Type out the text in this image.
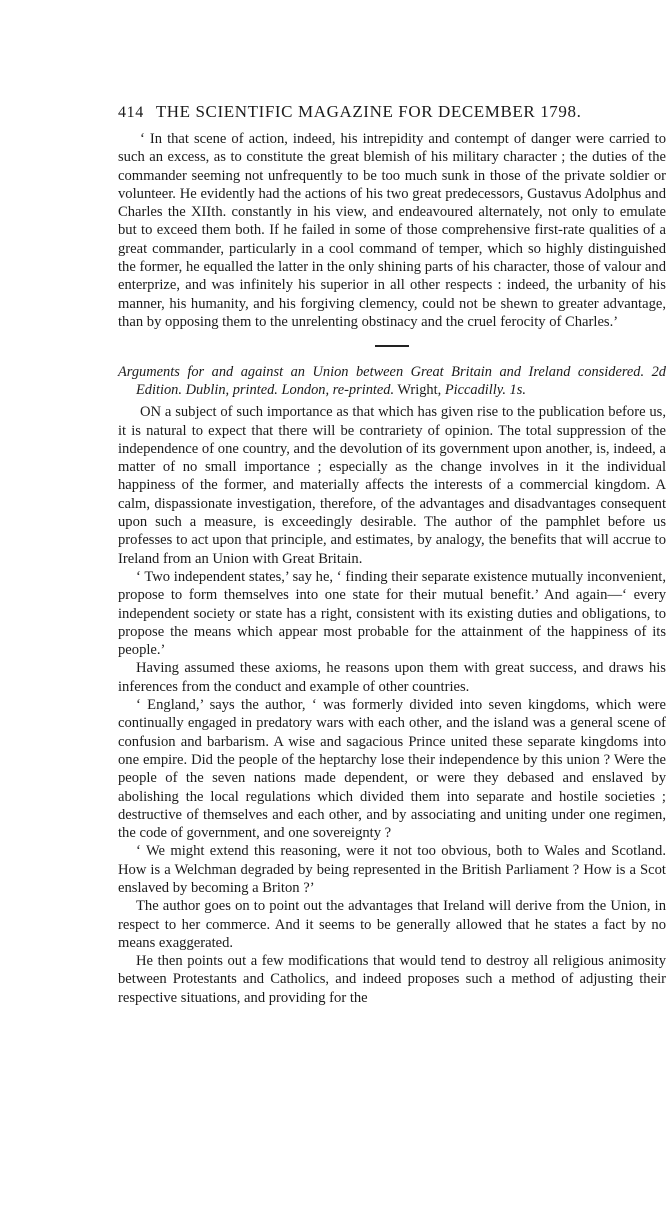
414 THE SCIENTIFIC MAGAZINE FOR DECEMBER 1798.

‘ In that scene of action, indeed, his intrepidity and contempt of danger were carried to such an excess, as to constitute the great blemish of his military character ; the duties of the commander seeming not unfrequently to be too much sunk in those of the private soldier or volunteer. He evidently had the actions of his two great predecessors, Gustavus Adolphus and Charles the XIIth. constantly in his view, and endeavoured alternately, not only to emulate but to exceed them both. If he failed in some of those comprehensive first-rate qualities of a great commander, particularly in a cool command of temper, which so highly distinguished the former, he equalled the latter in the only shining parts of his character, those of valour and enterprize, and was infinitely his superior in all other respects : indeed, the urbanity of his manner, his humanity, and his forgiving clemency, could not be shewn to greater advantage, than by opposing them to the unrelenting obstinacy and the cruel ferocity of Charles.’

Arguments for and against an Union between Great Britain and Ireland considered. 2d Edition. Dublin, printed. London, re-printed. Wright, Piccadilly. 1s.

ON a subject of such importance as that which has given rise to the publication before us, it is natural to expect that there will be contrariety of opinion. The total suppression of the independence of one country, and the devolution of its government upon another, is, indeed, a matter of no small importance ; especially as the change involves in it the individual happiness of the former, and materially affects the interests of a commercial kingdom. A calm, dispassionate investigation, therefore, of the advantages and disadvantages consequent upon such a measure, is exceedingly desirable. The author of the pamphlet before us professes to act upon that principle, and estimates, by analogy, the benefits that will accrue to Ireland from an Union with Great Britain.

‘ Two independent states,’ say he, ‘ finding their separate existence mutually inconvenient, propose to form themselves into one state for their mutual benefit.’ And again—‘ every independent society or state has a right, consistent with its existing duties and obligations, to propose the means which appear most probable for the attainment of the happiness of its people.’

Having assumed these axioms, he reasons upon them with great success, and draws his inferences from the conduct and example of other countries.

‘ England,’ says the author, ‘ was formerly divided into seven kingdoms, which were continually engaged in predatory wars with each other, and the island was a general scene of confusion and barbarism. A wise and sagacious Prince united these separate kingdoms into one empire. Did the people of the heptarchy lose their independence by this union ? Were the people of the seven nations made dependent, or were they debased and enslaved by abolishing the local regulations which divided them into separate and hostile societies ; destructive of themselves and each other, and by associating and uniting under one regimen, the code of government, and one sovereignty ?

‘ We might extend this reasoning, were it not too obvious, both to Wales and Scotland. How is a Welchman degraded by being represented in the British Parliament ? How is a Scot enslaved by becoming a Briton ?’

The author goes on to point out the advantages that Ireland will derive from the Union, in respect to her commerce. And it seems to be generally allowed that he states a fact by no means exaggerated.

He then points out a few modifications that would tend to destroy all religious animosity between Protestants and Catholics, and indeed proposes such a method of adjusting their respective situations, and providing for the
